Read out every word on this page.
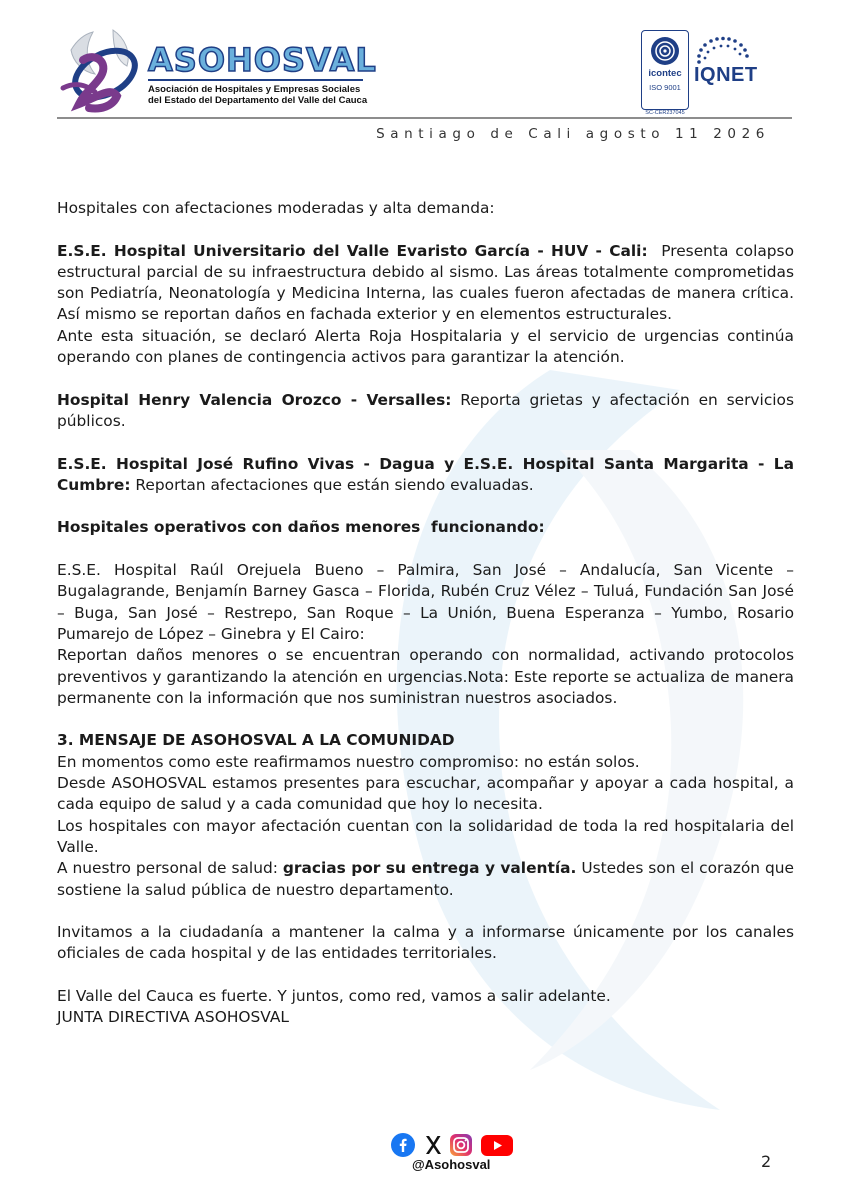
ASOHOSVAL
Asociación de Hospitales y Empresas Sociales
del Estado del Departamento del Valle del Cauca
icontec
ISO 9001
SC-CER237045
IQNET
Santiago de Cali agosto 11 2026

Hospitales con afectaciones moderadas y alta demanda:

E.S.E. Hospital Universitario del Valle Evaristo García - HUV - Cali: Presenta colapso estructural parcial de su infraestructura debido al sismo. Las áreas totalmente comprometidas son Pediatría, Neonatología y Medicina Interna, las cuales fueron afectadas de manera crítica. Así mismo se reportan daños en fachada exterior y en elementos estructurales.

Ante esta situación, se declaró Alerta Roja Hospitalaria y el servicio de urgencias continúa operando con planes de contingencia activos para garantizar la atención.

Hospital Henry Valencia Orozco - Versalles: Reporta grietas y afectación en servicios públicos.

E.S.E. Hospital José Rufino Vivas - Dagua y E.S.E. Hospital Santa Margarita - La Cumbre: Reportan afectaciones que están siendo evaluadas.

Hospitales operativos con daños menores  funcionando:

E.S.E. Hospital Raúl Orejuela Bueno – Palmira, San José – Andalucía, San Vicente – Bugalagrande, Benjamín Barney Gasca – Florida, Rubén Cruz Vélez – Tuluá, Fundación San José – Buga, San José – Restrepo, San Roque – La Unión, Buena Esperanza – Yumbo, Rosario Pumarejo de López – Ginebra y El Cairo:

Reportan daños menores o se encuentran operando con normalidad, activando protocolos preventivos y garantizando la atención en urgencias.Nota: Este reporte se actualiza de manera permanente con la información que nos suministran nuestros asociados.

3. MENSAJE DE ASOHOSVAL A LA COMUNIDAD

En momentos como este reafirmamos nuestro compromiso: no están solos.

Desde ASOHOSVAL estamos presentes para escuchar, acompañar y apoyar a cada hospital, a cada equipo de salud y a cada comunidad que hoy lo necesita.

Los hospitales con mayor afectación cuentan con la solidaridad de toda la red hospitalaria del Valle.

A nuestro personal de salud: gracias por su entrega y valentía. Ustedes son el corazón que sostiene la salud pública de nuestro departamento.

Invitamos a la ciudadanía a mantener la calma y a informarse únicamente por los canales oficiales de cada hospital y de las entidades territoriales.

El Valle del Cauca es fuerte. Y juntos, como red, vamos a salir adelante.

JUNTA DIRECTIVA ASOHOSVAL

@Asohosval	2
